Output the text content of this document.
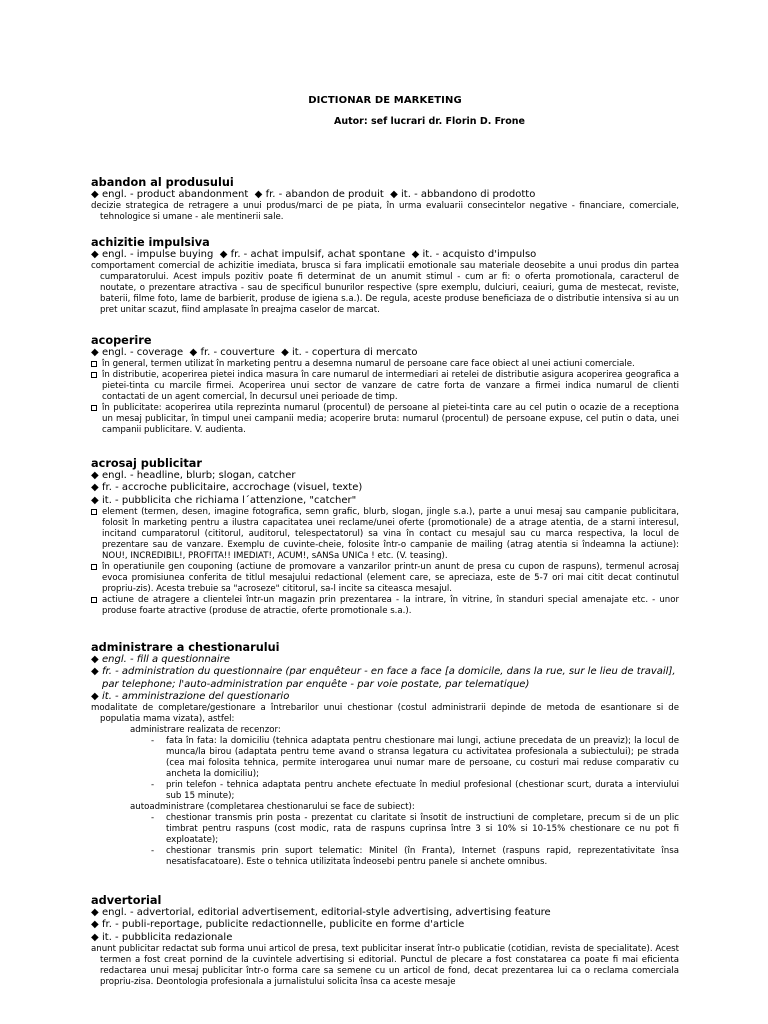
DICTIONAR DE MARKETING
Autor: sef lucrari dr. Florin D. Frone
abandon al produsului
◆ engl. - product abandonment  ◆ fr. - abandon de produit  ◆ it. - abbandono di prodotto
decizie strategica de retragere a unui produs/marci de pe piata, în urma evaluarii consecintelor negative - financiare, comerciale, tehnologice si umane - ale mentinerii sale.
achizitie impulsiva
◆ engl. - impulse buying  ◆ fr. - achat impulsif, achat spontane  ◆ it. - acquisto d'impulso
comportament comercial de achizitie imediata, brusca si fara implicatii emotionale sau materiale deosebite a unui produs din partea cumparatorului. Acest impuls pozitiv poate fi determinat de un anumit stimul - cum ar fi: o oferta promotionala, caracterul de noutate, o prezentare atractiva - sau de specificul bunurilor respective (spre exemplu, dulciuri, ceaiuri, guma de mestecat, reviste, baterii, filme foto, lame de barbierit, produse de igiena s.a.). De regula, aceste produse beneficiaza de o distributie intensiva si au un pret unitar scazut, fiind amplasate în preajma caselor de marcat.
acoperire
◆ engl. - coverage  ◆ fr. - couverture  ◆ it. - copertura di mercato
în general, termen utilizat în marketing pentru a desemna numarul de persoane care face obiect al unei actiuni comerciale.
în distributie, acoperirea pietei indica masura în care numarul de intermediari ai retelei de distributie asigura acoperirea geografica a pietei-tinta cu marcile firmei. Acoperirea unui sector de vanzare de catre forta de vanzare a firmei indica numarul de clienti contactati de un agent comercial, în decursul unei perioade de timp.
în publicitate: acoperirea utila reprezinta numarul (procentul) de persoane al pietei-tinta care au cel putin o ocazie de a receptiona un mesaj publicitar, în timpul unei campanii media; acoperire bruta: numarul (procentul) de persoane expuse, cel putin o data, unei campanii publicitare. V. audienta.
acrosaj publicitar
◆ engl. - headline, blurb; slogan, catcher
◆ fr. - accroche publicitaire, accrochage (visuel, texte)
◆ it. - pubblicita che richiama l´attenzione, "catcher"
element (termen, desen, imagine fotografica, semn grafic, blurb, slogan, jingle s.a.), parte a unui mesaj sau campanie publicitara, folosit în marketing pentru a ilustra capacitatea unei reclame/unei oferte (promotionale) de a atrage atentia, de a starni interesul, incitand cumparatorul (cititorul, auditorul, telespectatorul) sa vina în contact cu mesajul sau cu marca respectiva, la locul de prezentare sau de vanzare. Exemplu de cuvinte-cheie, folosite într-o campanie de mailing (atrag atentia si îndeamna la actiune): NOU!, INCREDIBIL!, PROFITA!! IMEDIAT!, ACUM!, sANSa UNICa ! etc. (V. teasing).
în operatiunile gen couponing (actiune de promovare a vanzarilor printr-un anunt de presa cu cupon de raspuns), termenul acrosaj evoca promisiunea conferita de titlul mesajului redactional (element care, se apreciaza, este de 5-7 ori mai citit decat continutul propriu-zis). Acesta trebuie sa "acroseze" cititorul, sa-l incite sa citeasca mesajul.
actiune de atragere a clientelei într-un magazin prin prezentarea - la intrare, în vitrine, în standuri special amenajate etc. - unor produse foarte atractive (produse de atractie, oferte promotionale s.a.).
administrare a chestionarului
◆ engl. - fill a questionnaire
◆ fr. - administration du questionnaire (par enquêteur - en face a face [a domicile, dans la rue, sur le lieu de travail], par telephone; l'auto-administration par enquête - par voie postate, par telematique)
◆ it. - amministrazione del questionario
modalitate de completare/gestionare a întrebarilor unui chestionar (costul administrarii depinde de metoda de esantionare si de populatia mama vizata), astfel:
administrare realizata de recenzor:
- fata în fata: la domiciliu (tehnica adaptata pentru chestionare mai lungi, actiune precedata de un preaviz); la locul de munca/la birou (adaptata pentru teme avand o stransa legatura cu activitatea profesionala a subiectului); pe strada (cea mai folosita tehnica, permite interogarea unui numar mare de persoane, cu costuri mai reduse comparativ cu ancheta la domiciliu);
- prin telefon - tehnica adaptata pentru anchete efectuate în mediul profesional (chestionar scurt, durata a interviului sub 15 minute);
autoadministrare (completarea chestionarului se face de subiect):
- chestionar transmis prin posta - prezentat cu claritate si însotit de instructiuni de completare, precum si de un plic timbrat pentru raspuns (cost modic, rata de raspuns cuprinsa între 3 si 10% si 10-15% chestionare ce nu pot fi exploatate);
- chestionar transmis prin suport telematic: Minitel (în Franta), Internet (raspuns rapid, reprezentativitate însa nesatisfacatoare). Este o tehnica utilizitata îndeosebi pentru panele si anchete omnibus.
advertorial
◆ engl. - advertorial, editorial advertisement, editorial-style advertising, advertising feature
◆ fr. - publi-reportage, publicite redactionnelle, publicite en forme d'article
◆ it. - pubblicita redazionale
anunt publicitar redactat sub forma unui articol de presa, text publicitar inserat într-o publicatie (cotidian, revista de specialitate). Acest termen a fost creat pornind de la cuvintele advertising si editorial. Punctul de plecare a fost constatarea ca poate fi mai eficienta redactarea unui mesaj publicitar într-o forma care sa semene cu un articol de fond, decat prezentarea lui ca o reclama comerciala propriu-zisa. Deontologia profesionala a jurnalistului solicita însa ca aceste mesaje
